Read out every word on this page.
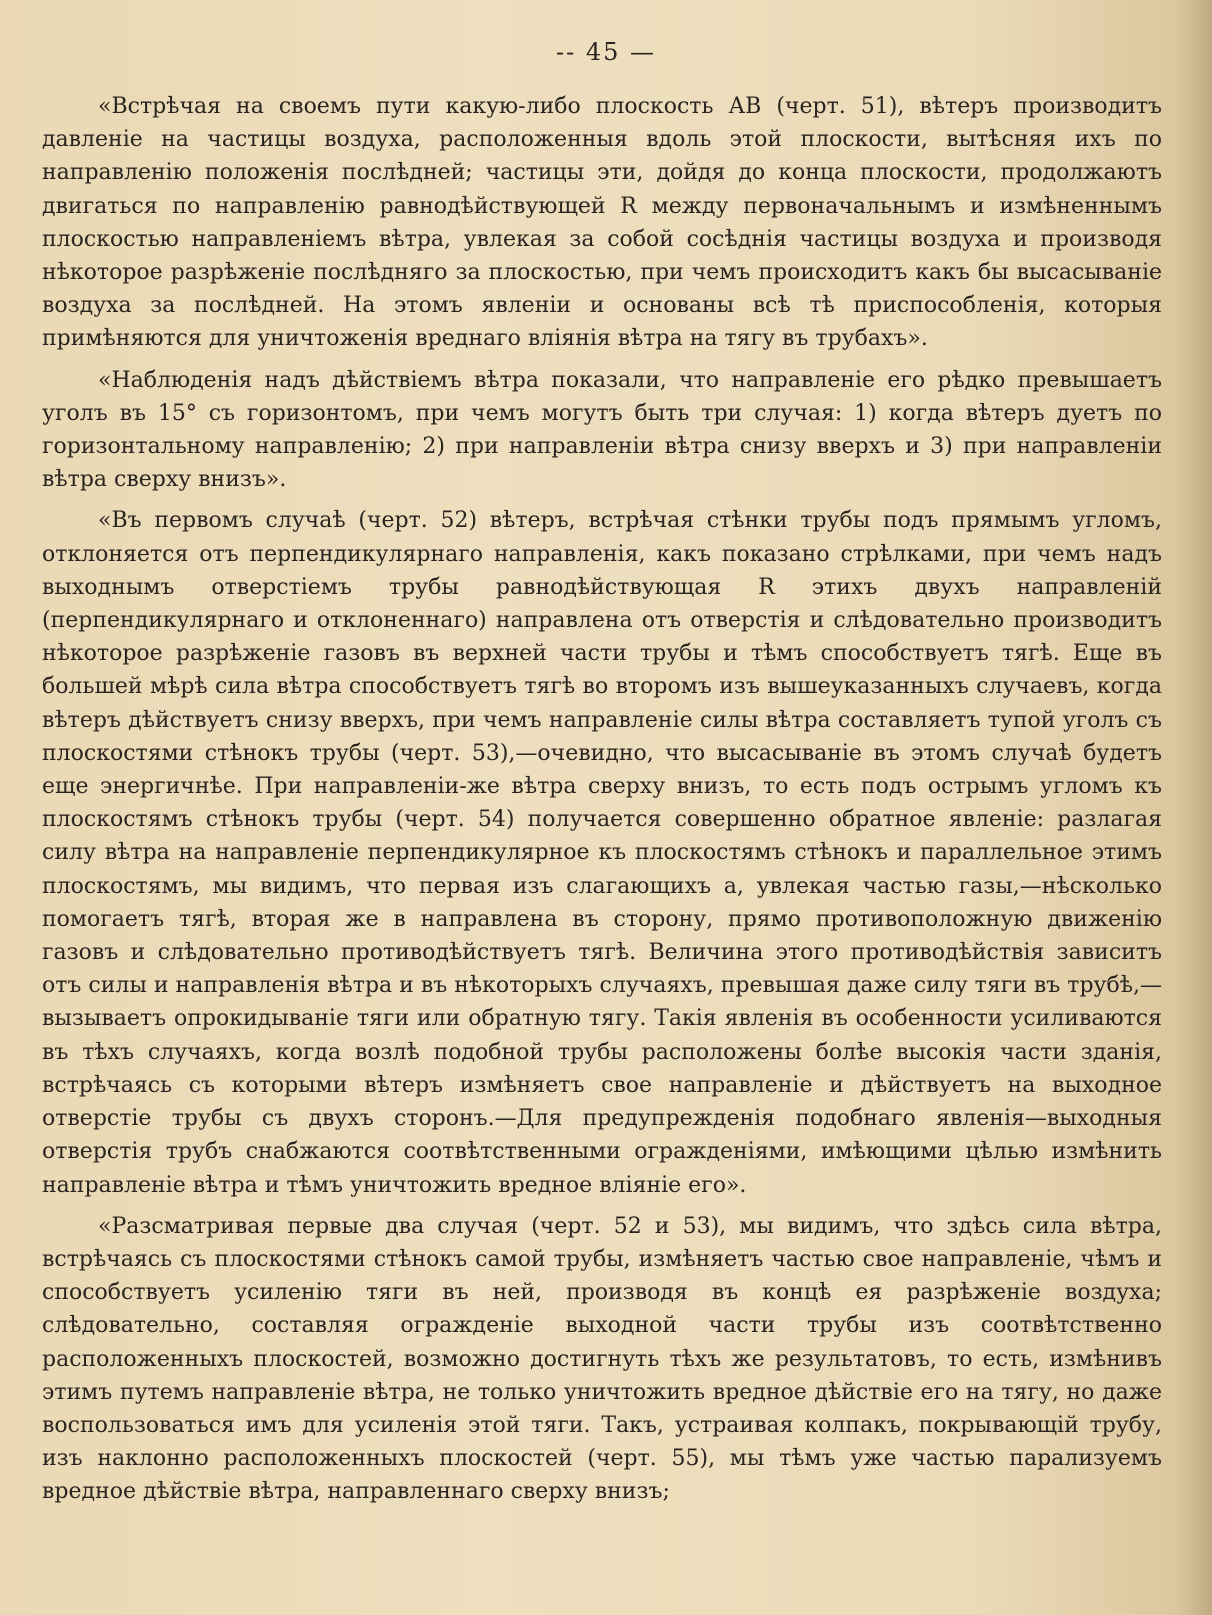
-- 45 —

«Встрѣчая на своемъ пути какую-либо плоскость АВ (черт. 51), вѣтеръ производитъ давленіе на частицы воздуха, расположенныя вдоль этой плоскости, вытѣсняя ихъ по направленію положенія послѣдней; частицы эти, дойдя до конца плоскости, продолжаютъ двигаться по направленію равнодѣйствующей R между первоначальнымъ и измѣненнымъ плоскостью направленіемъ вѣтра, увлекая за собой сосѣднія частицы воздуха и производя нѣкоторое разрѣженіе послѣдняго за плоскостью, при чемъ происходитъ какъ бы высасываніе воздуха за послѣдней. На этомъ явленіи и основаны всѣ тѣ приспособленія, которыя примѣняются для уничтоженія вреднаго вліянія вѣтра на тягу въ трубахъ».

«Наблюденія надъ дѣйствіемъ вѣтра показали, что направленіе его рѣдко превышаетъ уголъ въ 15° съ горизонтомъ, при чемъ могутъ быть три случая: 1) когда вѣтеръ дуетъ по горизонтальному направленію; 2) при направленіи вѣтра снизу вверхъ и 3) при направленіи вѣтра сверху внизъ».

«Въ первомъ случаѣ (черт. 52) вѣтеръ, встрѣчая стѣнки трубы подъ прямымъ угломъ, отклоняется отъ перпендикулярнаго направленія, какъ показано стрѣлками, при чемъ надъ выходнымъ отверстіемъ трубы равнодѣйствующая R этихъ двухъ направленій (перпендикулярнаго и отклоненнаго) направлена отъ отверстія и слѣдовательно производитъ нѣкоторое разрѣженіе газовъ въ верхней части трубы и тѣмъ способствуетъ тягѣ. Еще въ большей мѣрѣ сила вѣтра способствуетъ тягѣ во второмъ изъ вышеуказанныхъ случаевъ, когда вѣтеръ дѣйствуетъ снизу вверхъ, при чемъ направленіе силы вѣтра составляетъ тупой уголъ съ плоскостями стѣнокъ трубы (черт. 53),—очевидно, что высасываніе въ этомъ случаѣ будетъ еще энергичнѣе. При направленіи-же вѣтра сверху внизъ, то есть подъ острымъ угломъ къ плоскостямъ стѣнокъ трубы (черт. 54) получается совершенно обратное явленіе: разлагая силу вѣтра на направленіе перпендикулярное къ плоскостямъ стѣнокъ и параллельное этимъ плоскостямъ, мы видимъ, что первая изъ слагающихъ a, увлекая частью газы,—нѣсколько помогаетъ тягѣ, вторая же в направлена въ сторону, прямо противоположную движенію газовъ и слѣдовательно противодѣйствуетъ тягѣ. Величина этого противодѣйствія зависитъ отъ силы и направленія вѣтра и въ нѣкоторыхъ случаяхъ, превышая даже силу тяги въ трубѣ,—вызываетъ опрокидываніе тяги или обратную тягу. Такія явленія въ особенности усиливаются въ тѣхъ случаяхъ, когда возлѣ подобной трубы расположены болѣе высокія части зданія, встрѣчаясь съ которыми вѣтеръ измѣняетъ свое направленіе и дѣйствуетъ на выходное отверстіе трубы съ двухъ сторонъ.—Для предупрежденія подобнаго явленія—выходныя отверстія трубъ снабжаются соотвѣтственными огражденіями, имѣющими цѣлью измѣнить направленіе вѣтра и тѣмъ уничтожить вредное вліяніе его».

«Разсматривая первые два случая (черт. 52 и 53), мы видимъ, что здѣсь сила вѣтра, встрѣчаясь съ плоскостями стѣнокъ самой трубы, измѣняетъ частью свое направленіе, чѣмъ и способствуетъ усиленію тяги въ ней, производя въ концѣ ея разрѣженіе воздуха; слѣдовательно, составляя огражденіе выходной части трубы изъ соотвѣтственно расположенныхъ плоскостей, возможно достигнуть тѣхъ же результатовъ, то есть, измѣнивъ этимъ путемъ направленіе вѣтра, не только уничтожить вредное дѣйствіе его на тягу, но даже воспользоваться имъ для усиленія этой тяги. Такъ, устраивая колпакъ, покрывающій трубу, изъ наклонно расположенныхъ плоскостей (черт. 55), мы тѣмъ уже частью парализуемъ вредное дѣйствіе вѣтра, направленнаго сверху внизъ;
